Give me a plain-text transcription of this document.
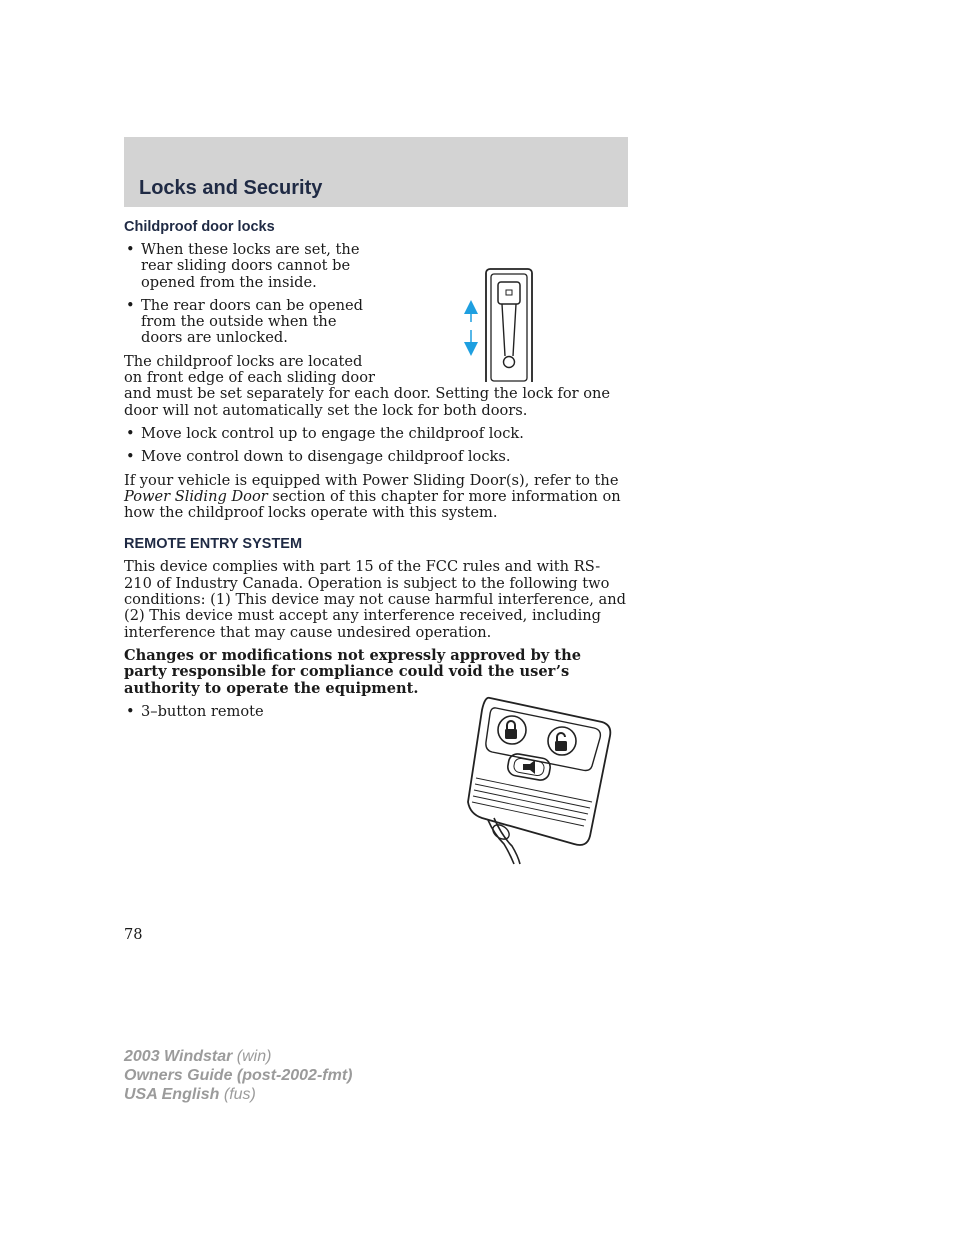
Locks and Security
Childproof door locks
• When these locks are set, the rear sliding doors cannot be opened from the inside.
• The rear doors can be opened from the outside when the doors are unlocked.

The childproof locks are located on front edge of each sliding door and must be set separately for each door. Setting the lock for one door will not automatically set the lock for both doors.

• Move lock control up to engage the childproof lock.
• Move control down to disengage childproof locks.

If your vehicle is equipped with Power Sliding Door(s), refer to the Power Sliding Door section of this chapter for more information on how the childproof locks operate with this system.

REMOTE ENTRY SYSTEM

This device complies with part 15 of the FCC rules and with RS-210 of Industry Canada. Operation is subject to the following two conditions: (1) This device may not cause harmful interference, and (2) This device must accept any interference received, including interference that may cause undesired operation.

Changes or modifications not expressly approved by the party responsible for compliance could void the user’s authority to operate the equipment.

• 3–button remote
78
2003 Windstar (win)
Owners Guide (post-2002-fmt)
USA English (fus)
